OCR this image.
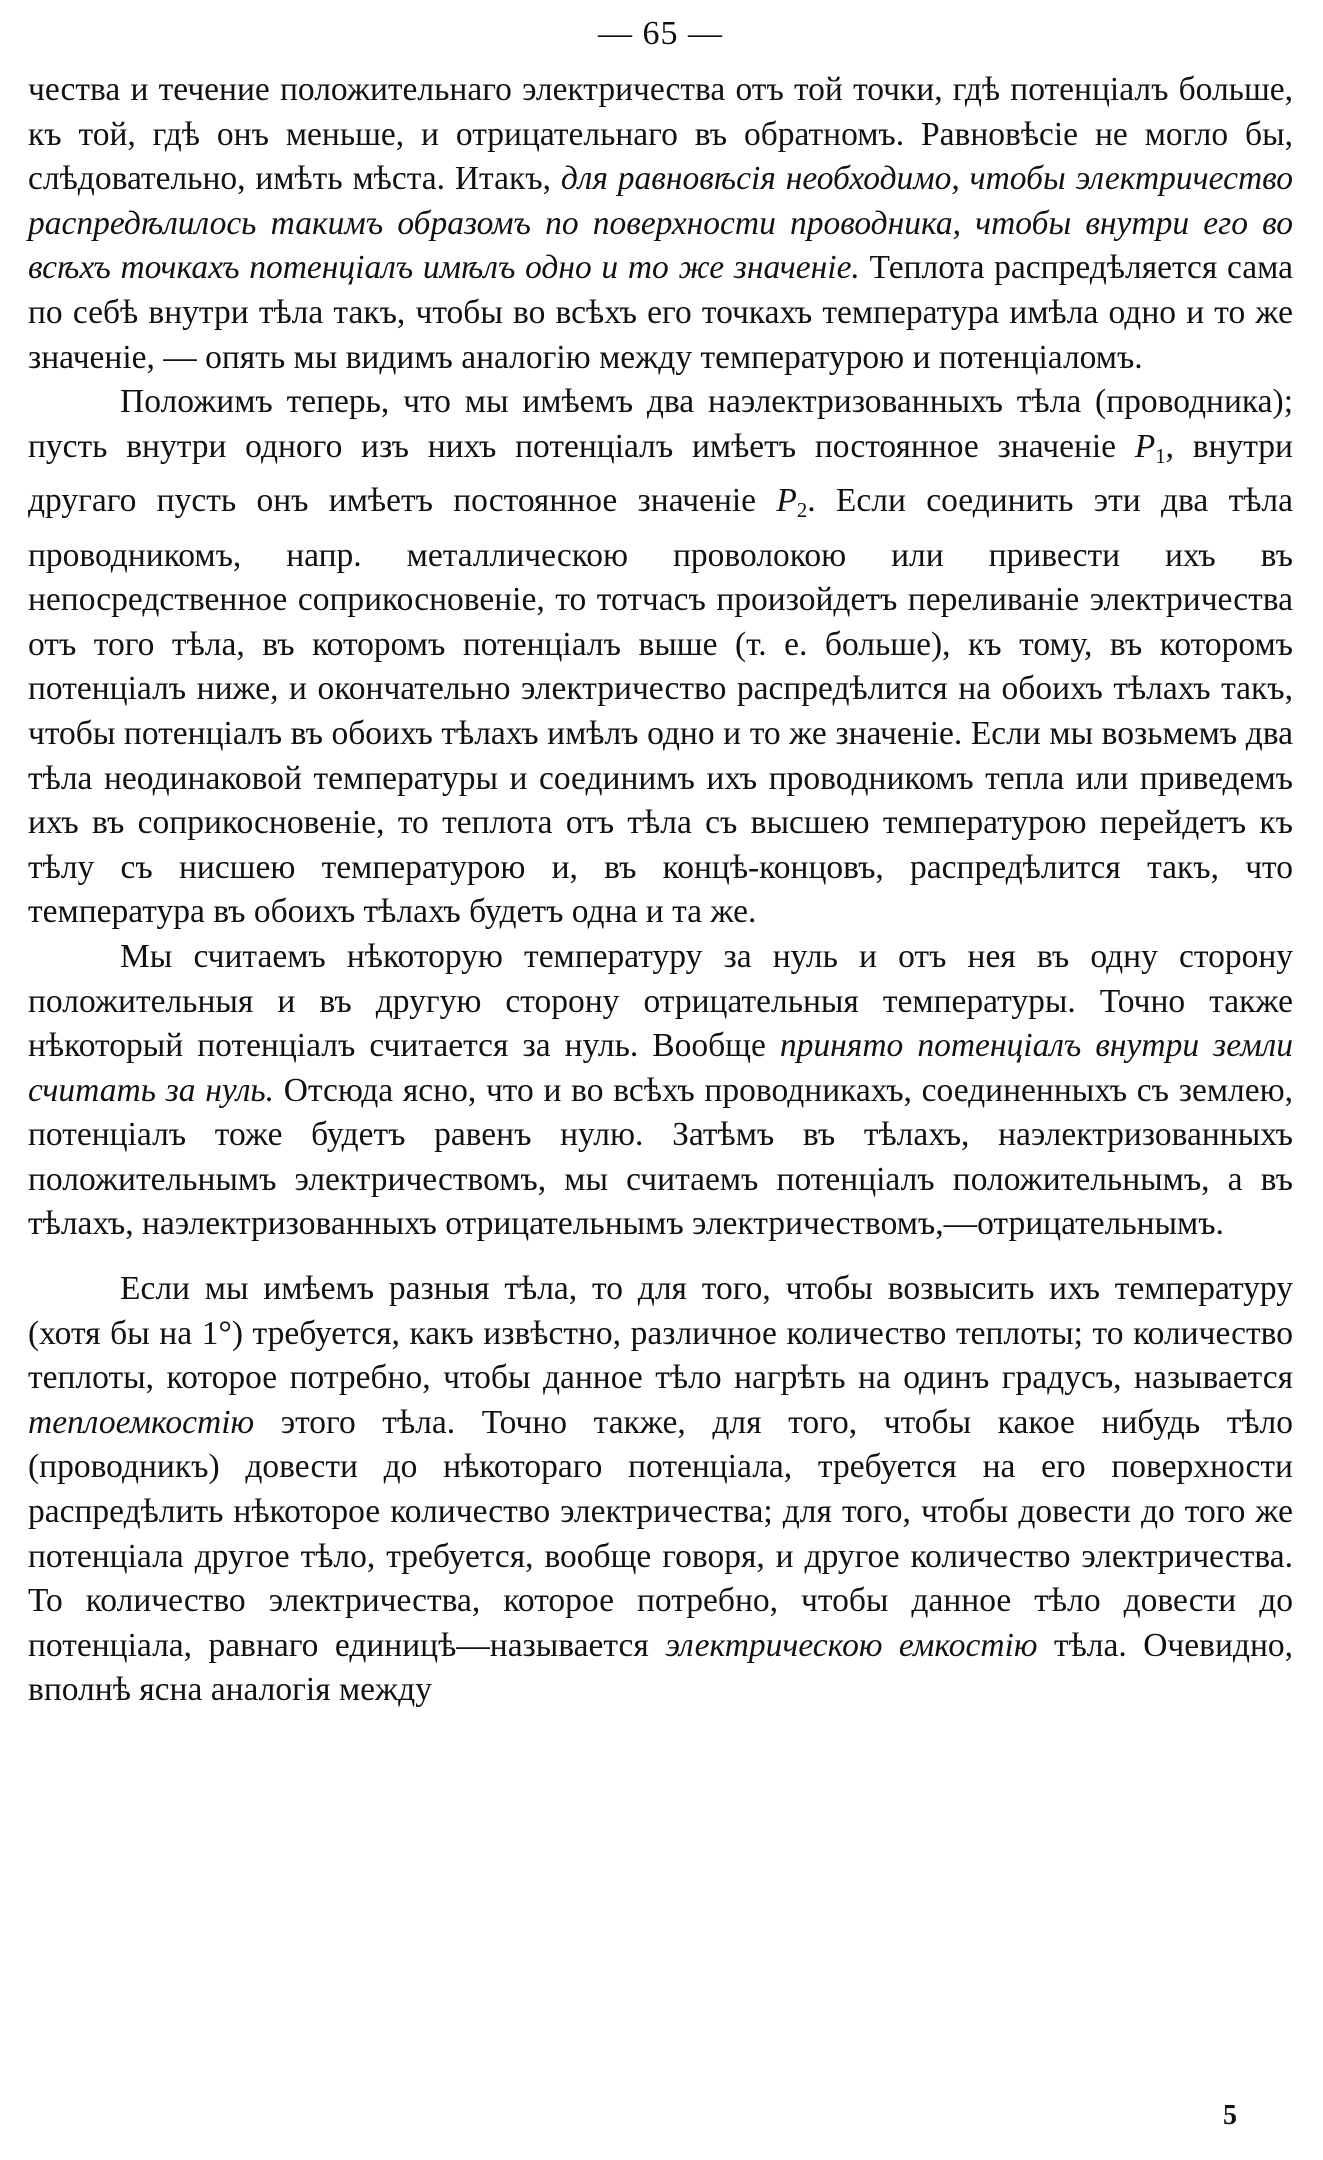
— 65 —

чества и течение положительнаго электричества отъ той точки, гдѣ потенціалъ больше, къ той, гдѣ онъ меньше, и отрицательнаго въ обратномъ. Равновѣсіе не могло бы, слѣдовательно, имѣть мѣста. Итакъ, для равновѣсія необходимо, чтобы электричество распредѣлилось такимъ образомъ по поверхности проводника, чтобы внутри его во всѣхъ точкахъ потенціалъ имѣлъ одно и то же значеніе. Теплота распредѣляется сама по себѣ внутри тѣла такъ, чтобы во всѣхъ его точкахъ температура имѣла одно и то же значеніе, — опять мы видимъ аналогію между температурою и потенціаломъ.

Положимъ теперь, что мы имѣемъ два наэлектризованныхъ тѣла (проводника); пусть внутри одного изъ нихъ потенціалъ имѣетъ постоянное значеніе $P_1$, внутри другаго пусть онъ имѣетъ постоянное значеніе $P_2$. Если соединить эти два тѣла проводникомъ, напр. металлическою проволокою или привести ихъ въ непосредственное соприкосновеніе, то тотчасъ произойдетъ переливаніе электричества отъ того тѣла, въ которомъ потенціалъ выше (т. е. больше), къ тому, въ которомъ потенціалъ ниже, и окончательно электричество распредѣлится на обоихъ тѣлахъ такъ, чтобы потенціалъ въ обоихъ тѣлахъ имѣлъ одно и то же значеніе. Если мы возьмемъ два тѣла неодинаковой температуры и соединимъ ихъ проводникомъ тепла или приведемъ ихъ въ соприкосновеніе, то теплота отъ тѣла съ высшею температурою перейдетъ къ тѣлу съ нисшею температурою и, въ концѣ-концовъ, распредѣлится такъ, что температура въ обоихъ тѣлахъ будетъ одна и та же.

Мы считаемъ нѣкоторую температуру за нуль и отъ нея въ одну сторону положительныя и въ другую сторону отрицательныя температуры. Точно также нѣкоторый потенціалъ считается за нуль. Вообще принято потенціалъ внутри земли считать за нуль. Отсюда ясно, что и во всѣхъ проводникахъ, соединенныхъ съ землею, потенціалъ тоже будетъ равенъ нулю. Затѣмъ въ тѣлахъ, наэлектризованныхъ положительнымъ электричествомъ, мы считаемъ потенціалъ положительнымъ, а въ тѣлахъ, наэлектризованныхъ отрицательнымъ электричествомъ,—отрицательнымъ.

Если мы имѣемъ разныя тѣла, то для того, чтобы возвысить ихъ температуру (хотя бы на 1°) требуется, какъ извѣстно, различное количество теплоты; то количество теплоты, которое потребно, чтобы данное тѣло нагрѣть на одинъ градусъ, называется теплоемкостію этого тѣла. Точно также, для того, чтобы какое нибудь тѣло (проводникъ) довести до нѣкотораго потенціала, требуется на его поверхности распредѣлить нѣкоторое количество электричества; для того, чтобы довести до того же потенціала другое тѣло, требуется, вообще говоря, и другое количество электричества. То количество электричества, которое потребно, чтобы данное тѣло довести до потенціала, равнаго единицѣ—называется электрическою емкостію тѣла. Очевидно, вполнѣ ясна аналогія между

5
